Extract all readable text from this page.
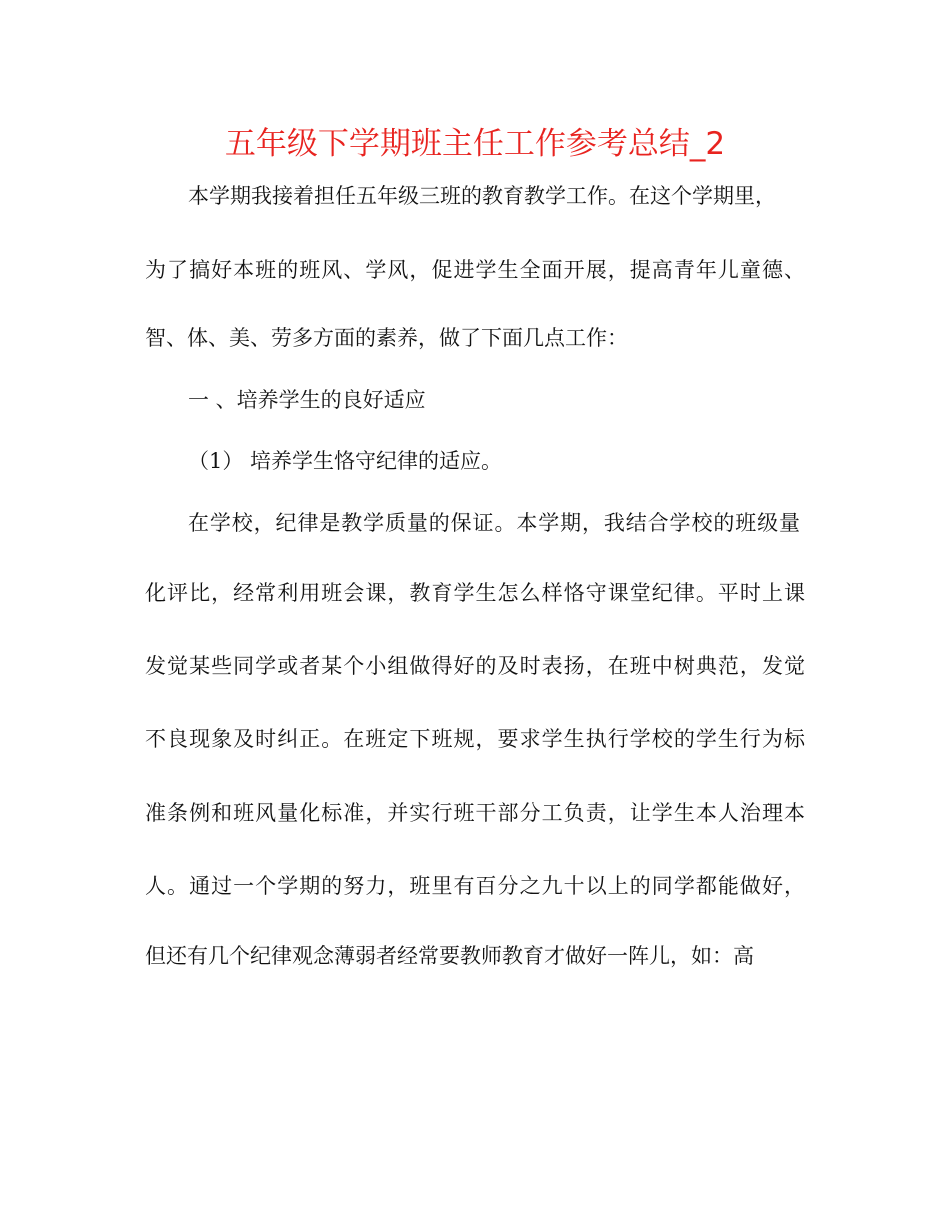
五年级下学期班主任工作参考总结_2

本学期我接着担任五年级三班的教育教学工作。在这个学期里，

为了搞好本班的班风、学风，促进学生全面开展，提高青年儿童德、

智、体、美、劳多方面的素养，做了下面几点工作：

一 、培养学生的良好适应

（1） 培养学生恪守纪律的适应。

在学校，纪律是教学质量的保证。本学期，我结合学校的班级量

化评比，经常利用班会课，教育学生怎么样恪守课堂纪律。平时上课

发觉某些同学或者某个小组做得好的及时表扬，在班中树典范，发觉

不良现象及时纠正。在班定下班规，要求学生执行学校的学生行为标

准条例和班风量化标准，并实行班干部分工负责，让学生本人治理本

人。通过一个学期的努力，班里有百分之九十以上的同学都能做好，

但还有几个纪律观念薄弱者经常要教师教育才做好一阵儿，如：高
